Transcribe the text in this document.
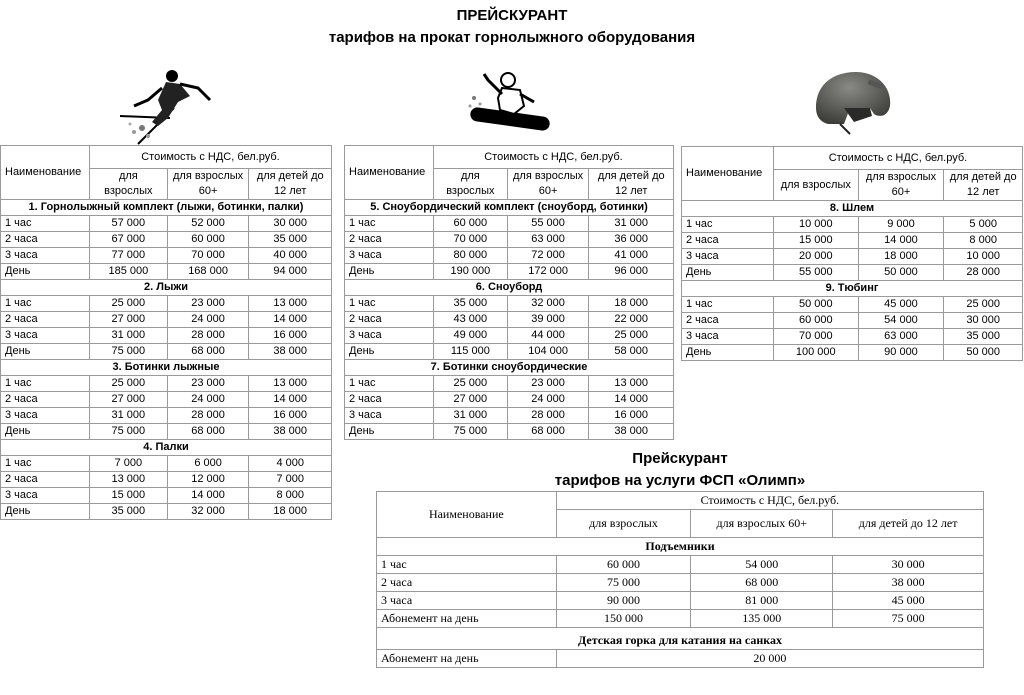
ПРЕЙСКУРАНТ
тарифов на прокат горнолыжного оборудования
Наименование	Стоимость с НДС, бел.руб.		
	для взрослых	для взрослых 60+	для детей до 12 лет
1. Горнолыжный комплект (лыжи, ботинки, палки)			
1 час	57 000	52 000	30 000
2 часа	67 000	60 000	35 000
3 часа	77 000	70 000	40 000
День	185 000	168 000	94 000
2. Лыжи			
1 час	25 000	23 000	13 000
2 часа	27 000	24 000	14 000
3 часа	31 000	28 000	16 000
День	75 000	68 000	38 000
3. Ботинки лыжные			
1 час	25 000	23 000	13 000
2 часа	27 000	24 000	14 000
3 часа	31 000	28 000	16 000
День	75 000	68 000	38 000
4. Палки			
1 час	7 000	6 000	4 000
2 часа	13 000	12 000	7 000
3 часа	15 000	14 000	8 000
День	35 000	32 000	18 000
Наименование	Стоимость с НДС, бел.руб.		
	для взрослых	для взрослых 60+	для детей до 12 лет
5. Сноубордический комплект (сноуборд, ботинки)			
1 час	60 000	55 000	31 000
2 часа	70 000	63 000	36 000
3 часа	80 000	72 000	41 000
День	190 000	172 000	96 000
6. Сноуборд			
1 час	35 000	32 000	18 000
2 часа	43 000	39 000	22 000
3 часа	49 000	44 000	25 000
День	115 000	104 000	58 000
7. Ботинки сноубордические			
1 час	25 000	23 000	13 000
2 часа	27 000	24 000	14 000
3 часа	31 000	28 000	16 000
День	75 000	68 000	38 000
Наименование	Стоимость с НДС, бел.руб.		
	для взрослых	для взрослых 60+	для детей до 12 лет
8. Шлем			
1 час	10 000	9 000	5 000
2 часа	15 000	14 000	8 000
3 часа	20 000	18 000	10 000
День	55 000	50 000	28 000
9. Тюбинг			
1 час	50 000	45 000	25 000
2 часа	60 000	54 000	30 000
3 часа	70 000	63 000	35 000
День	100 000	90 000	50 000
Прейскурант
тарифов на услуги ФСП «Олимп»
Наименование	Стоимость с НДС, бел.руб.		
	для взрослых	для взрослых 60+	для детей до 12 лет
Подъемники			
1 час	60 000	54 000	30 000
2 часа	75 000	68 000	38 000
3 часа	90 000	81 000	45 000
Абонемент на день	150 000	135 000	75 000
Детская горка для катания на санках			
Абонемент на день	20 000		
